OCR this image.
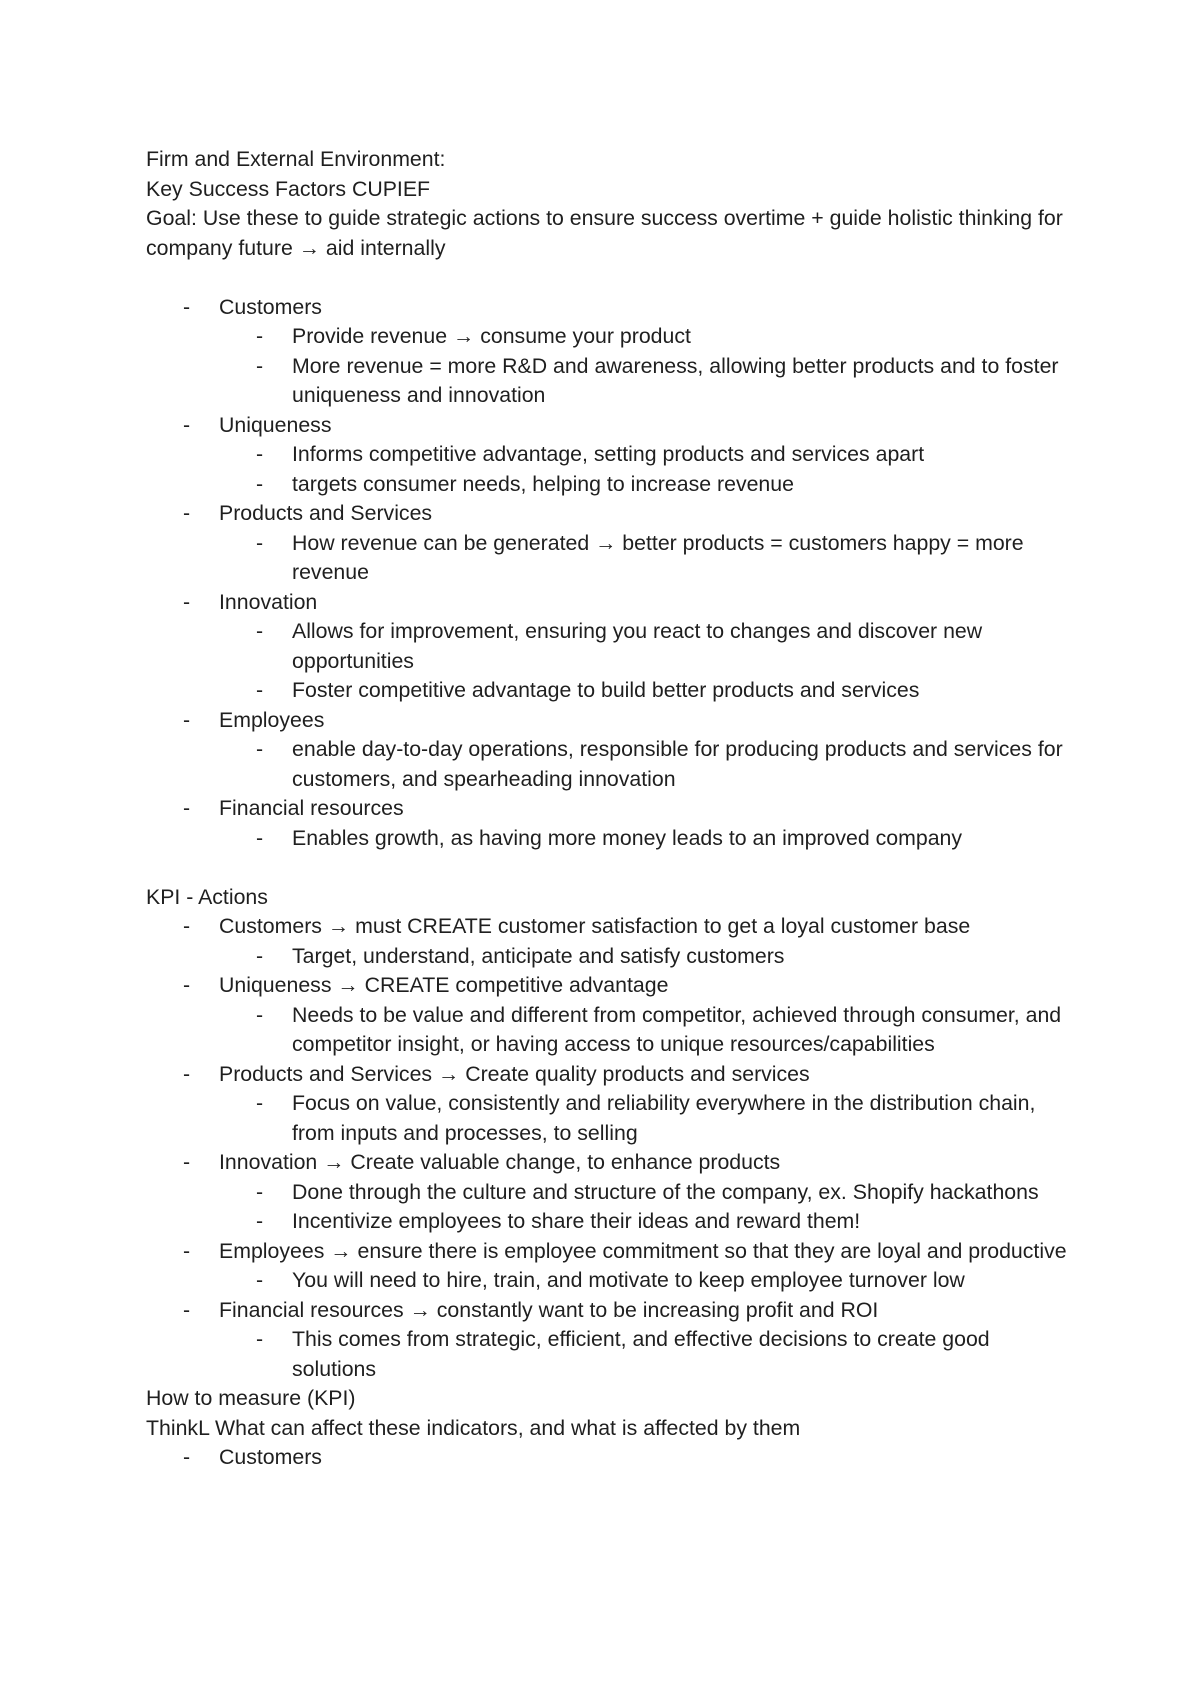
Firm and External Environment:

Key Success Factors CUPIEF

Goal: Use these to guide strategic actions to ensure success overtime + guide holistic thinking for company future → aid internally

- Customers

- Provide revenue → consume your product

- More revenue = more R&D and awareness, allowing better products and to foster uniqueness and innovation

- Uniqueness

- Informs competitive advantage, setting products and services apart

- targets consumer needs, helping to increase revenue

- Products and Services

- How revenue can be generated → better products = customers happy = more revenue

- Innovation

- Allows for improvement, ensuring you react to changes and discover new opportunities

- Foster competitive advantage to build better products and services

- Employees

- enable day-to-day operations, responsible for producing products and services for customers, and spearheading innovation

- Financial resources

- Enables growth, as having more money leads to an improved company

KPI - Actions

- Customers → must CREATE customer satisfaction to get a loyal customer base

- Target, understand, anticipate and satisfy customers

- Uniqueness → CREATE competitive advantage

- Needs to be value and different from competitor, achieved through consumer, and competitor insight, or having access to unique resources/capabilities

- Products and Services → Create quality products and services

- Focus on value, consistently and reliability everywhere in the distribution chain, from inputs and processes, to selling

- Innovation → Create valuable change, to enhance products

- Done through the culture and structure of the company, ex. Shopify hackathons

- Incentivize employees to share their ideas and reward them!

- Employees → ensure there is employee commitment so that they are loyal and productive

- You will need to hire, train, and motivate to keep employee turnover low

- Financial resources → constantly want to be increasing profit and ROI

- This comes from strategic, efficient, and effective decisions to create good solutions

How to measure (KPI)

ThinkL What can affect these indicators, and what is affected by them

- Customers
